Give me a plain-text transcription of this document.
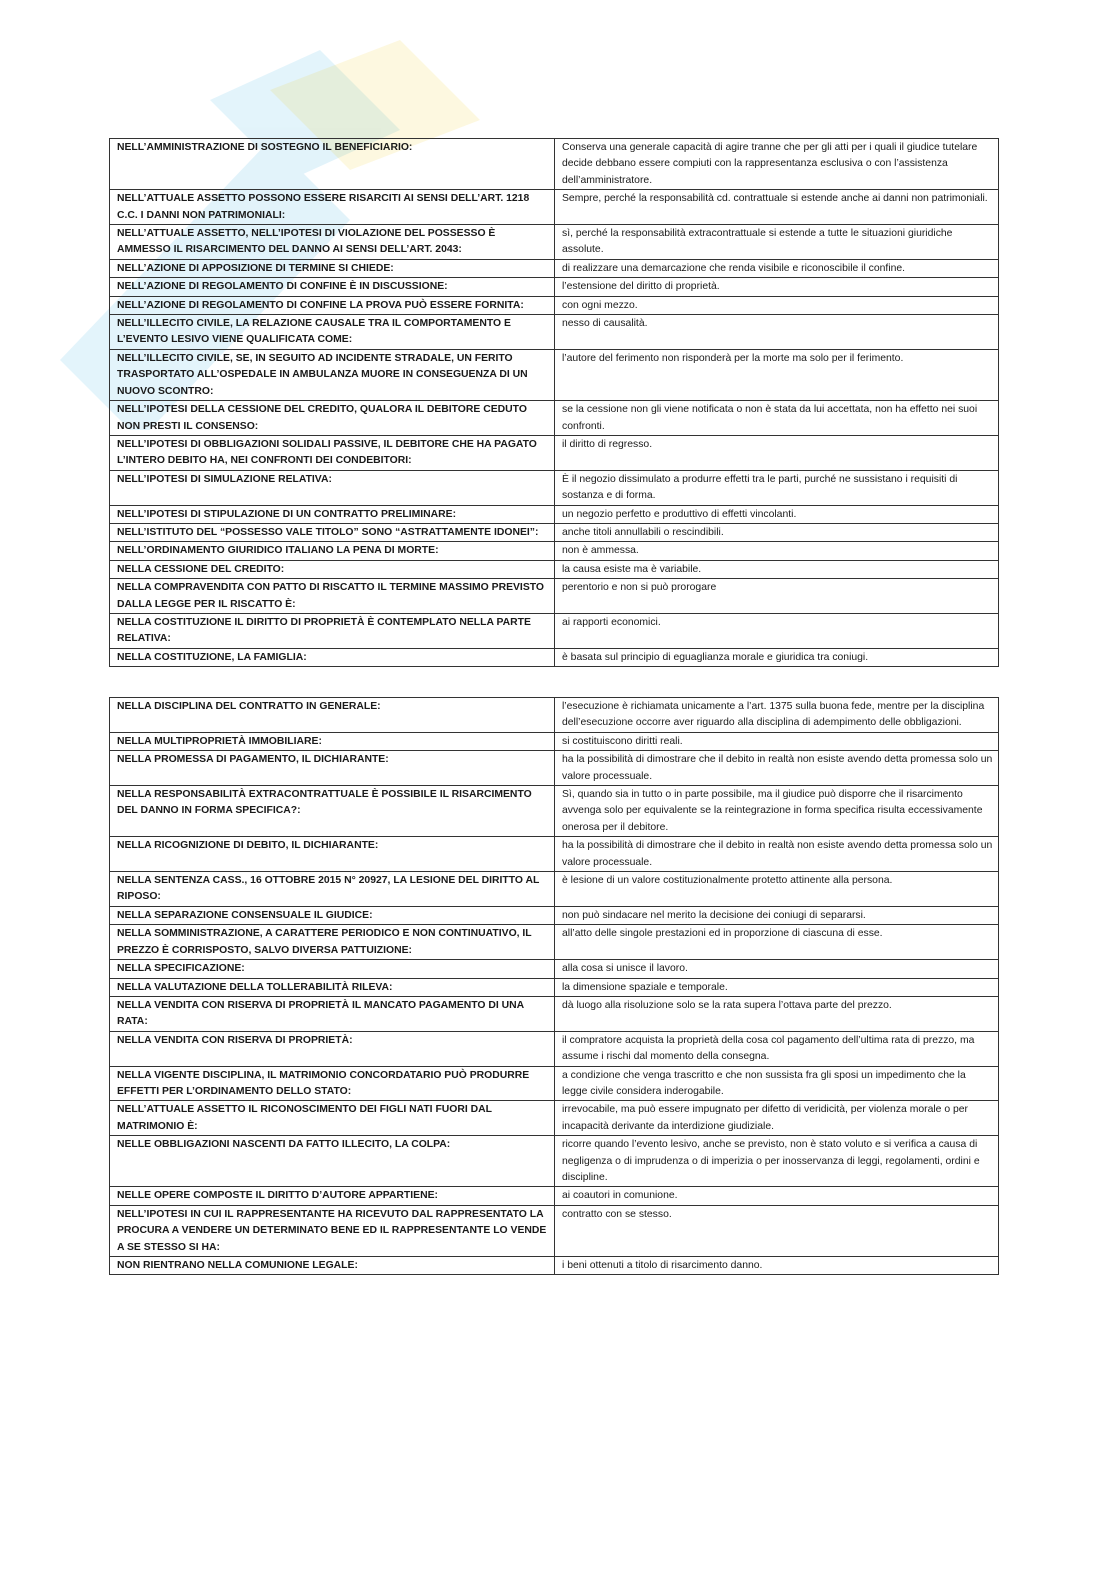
NELL’AMMINISTRAZIONE DI SOSTEGNO IL BENEFICIARIO:	Conserva una generale capacità di agire tranne che per gli atti per i quali il giudice tutelare decide debbano essere compiuti con la rappresentanza esclusiva o con l’assistenza dell’amministratore.
NELL’ATTUALE ASSETTO POSSONO ESSERE RISARCITI AI SENSI DELL’ART. 1218 C.C. I DANNI NON PATRIMONIALI:	Sempre, perché la responsabilità cd. contrattuale si estende anche ai danni non patrimoniali.
NELL’ATTUALE ASSETTO, NELL’IPOTESI DI VIOLAZIONE DEL POSSESSO È AMMESSO IL RISARCIMENTO DEL DANNO AI SENSI DELL’ART. 2043:	sì, perché la responsabilità extracontrattuale si estende a tutte le situazioni giuridiche assolute.
NELL’AZIONE DI APPOSIZIONE DI TERMINE SI CHIEDE:	di realizzare una demarcazione che renda visibile e riconoscibile il confine.
NELL’AZIONE DI REGOLAMENTO DI CONFINE È IN DISCUSSIONE:	l’estensione del diritto di proprietà.
NELL’AZIONE DI REGOLAMENTO DI CONFINE LA PROVA PUÒ ESSERE FORNITA:	con ogni mezzo.
NELL’ILLECITO CIVILE, LA RELAZIONE CAUSALE TRA IL COMPORTAMENTO E L’EVENTO LESIVO VIENE QUALIFICATA COME:	nesso di causalità.
NELL’ILLECITO CIVILE, SE, IN SEGUITO AD INCIDENTE STRADALE, UN FERITO TRASPORTATO ALL’OSPEDALE IN AMBULANZA MUORE IN CONSEGUENZA DI UN NUOVO SCONTRO:	l’autore del ferimento non risponderà per la morte ma solo per il ferimento.
NELL’IPOTESI DELLA CESSIONE DEL CREDITO, QUALORA IL DEBITORE CEDUTO NON PRESTI IL CONSENSO:	se la cessione non gli viene notificata o non è stata da lui accettata, non ha effetto nei suoi confronti.
NELL’IPOTESI DI OBBLIGAZIONI SOLIDALI PASSIVE, IL DEBITORE CHE HA PAGATO L’INTERO DEBITO HA, NEI CONFRONTI DEI CONDEBITORI:	il diritto di regresso.
NELL’IPOTESI DI SIMULAZIONE RELATIVA:	È il negozio dissimulato a produrre effetti tra le parti, purché ne sussistano i requisiti di sostanza e di forma.
NELL’IPOTESI DI STIPULAZIONE DI UN CONTRATTO PRELIMINARE:	un negozio perfetto e produttivo di effetti vincolanti.
NELL’ISTITUTO DEL “POSSESSO VALE TITOLO” SONO “ASTRATTAMENTE IDONEI”:	anche titoli annullabili o rescindibili.
NELL’ORDINAMENTO GIURIDICO ITALIANO LA PENA DI MORTE:	non è ammessa.
NELLA CESSIONE DEL CREDITO:	la causa esiste ma è variabile.
NELLA COMPRAVENDITA CON PATTO DI RISCATTO IL TERMINE MASSIMO PREVISTO DALLA LEGGE PER IL RISCATTO È:	perentorio e non si può prorogare
NELLA COSTITUZIONE IL DIRITTO DI PROPRIETÀ È CONTEMPLATO NELLA PARTE RELATIVA:	ai rapporti economici.
NELLA COSTITUZIONE, LA FAMIGLIA:	è basata sul principio di eguaglianza morale e giuridica tra coniugi.
NELLA DISCIPLINA DEL CONTRATTO IN GENERALE:	l’esecuzione è richiamata unicamente a l’art. 1375 sulla buona fede, mentre per la disciplina dell’esecuzione occorre aver riguardo alla disciplina di adempimento delle obbligazioni.
NELLA MULTIPROPRIETÀ IMMOBILIARE:	si costituiscono diritti reali.
NELLA PROMESSA DI PAGAMENTO, IL DICHIARANTE:	ha la possibilità di dimostrare che il debito in realtà non esiste avendo detta promessa solo un valore processuale.
NELLA RESPONSABILITÀ EXTRACONTRATTUALE È POSSIBILE IL RISARCIMENTO DEL DANNO IN FORMA SPECIFICA?:	Sì, quando sia in tutto o in parte possibile, ma il giudice può disporre che il risarcimento avvenga solo per equivalente se la reintegrazione in forma specifica risulta eccessivamente onerosa per il debitore.
NELLA RICOGNIZIONE DI DEBITO, IL DICHIARANTE:	ha la possibilità di dimostrare che il debito in realtà non esiste avendo detta promessa solo un valore processuale.
NELLA SENTENZA CASS., 16 OTTOBRE 2015 N° 20927, LA LESIONE DEL DIRITTO AL RIPOSO:	è lesione di un valore costituzionalmente protetto attinente alla persona.
NELLA SEPARAZIONE CONSENSUALE IL GIUDICE:	non può sindacare nel merito la decisione dei coniugi di separarsi.
NELLA SOMMINISTRAZIONE, A CARATTERE PERIODICO E NON CONTINUATIVO, IL PREZZO È CORRISPOSTO, SALVO DIVERSA PATTUIZIONE:	all’atto delle singole prestazioni ed in proporzione di ciascuna di esse.
NELLA SPECIFICAZIONE:	alla cosa si unisce il lavoro.
NELLA VALUTAZIONE DELLA TOLLERABILITÀ RILEVA:	la dimensione spaziale e temporale.
NELLA VENDITA CON RISERVA DI PROPRIETÀ IL MANCATO PAGAMENTO DI UNA RATA:	dà luogo alla risoluzione solo se la rata supera l’ottava parte del prezzo.
NELLA VENDITA CON RISERVA DI PROPRIETÀ:	il compratore acquista la proprietà della cosa col pagamento dell’ultima rata di prezzo, ma assume i rischi dal momento della consegna.
NELLA VIGENTE DISCIPLINA, IL MATRIMONIO CONCORDATARIO PUÒ PRODURRE EFFETTI PER L’ORDINAMENTO DELLO STATO:	a condizione che venga trascritto e che non sussista fra gli sposi un impedimento che la legge civile considera inderogabile.
NELL’ATTUALE ASSETTO IL RICONOSCIMENTO DEI FIGLI NATI FUORI DAL MATRIMONIO È:	irrevocabile, ma può essere impugnato per difetto di veridicità, per violenza morale o per incapacità derivante da interdizione giudiziale.
NELLE OBBLIGAZIONI NASCENTI DA FATTO ILLECITO, LA COLPA:	ricorre quando l’evento lesivo, anche se previsto, non è stato voluto e si verifica a causa di negligenza o di imprudenza o di imperizia o per inosservanza di leggi, regolamenti, ordini e discipline.
NELLE OPERE COMPOSTE IL DIRITTO D’AUTORE APPARTIENE:	ai coautori in comunione.
NELL’IPOTESI IN CUI IL RAPPRESENTANTE HA RICEVUTO DAL RAPPRESENTATO LA PROCURA A VENDERE UN DETERMINATO BENE ED IL RAPPRESENTANTE LO VENDE A SE STESSO SI HA:	contratto con se stesso.
NON RIENTRANO NELLA COMUNIONE LEGALE:	i beni ottenuti a titolo di risarcimento danno.
